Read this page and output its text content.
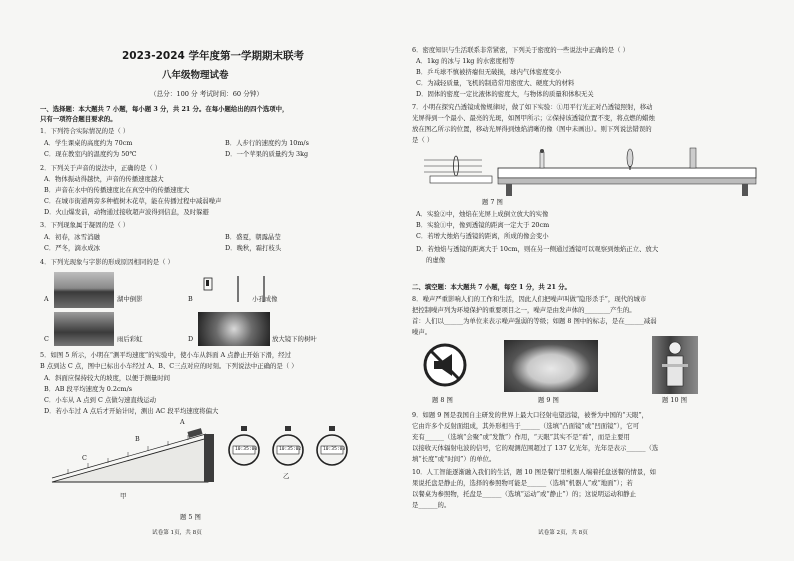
2023-2024 学年度第一学期期末联考
八年级物理试卷
（总分：100 分 考试时间：60 分钟）
一、选择题：本大题共 7 小题，每小题 3 分，共 21 分。在每小题给出的四个选项中，
只有一项符合题目要求的。
1．下列符合实际情况的是（ ）
A．学生课桌的高度约为 70cm	B．人步行的速度约为 10m/s
C．现在教室内的温度约为 50℃	D．一个苹果的质量约为 3kg
2．下列关于声音的说法中，正确的是（ ）
A．物体振动得越快，声音的传播速度越大
B．声音在水中的传播速度比在真空中的传播速度大
C．在城市街道两旁多种植树木花草，能在传播过程中减弱噪声
D．火山爆发前，动物通过接收超声波得到信息，及时躲避
3．下列现象属于凝固的是（ ）
A．初春，冰雪消融	B．盛夏，朝露晶莹
C．严冬，滴水成冰	D．晚秋，霜打枝头
4．下列光现象与字影的形成原因相同的是（ ）
A	湖中倒影	B	小孔成像
C	雨后彩虹	D	放大镜下的树叶
5．如图 5 所示，小明在“测平均速度”的实验中，使小车从斜面 A 点静止开始下滑，经过
B 点到达 C 点，图中已标出小车经过 A、B、C三点对应的时刻。下列说法中正确的是（ ）
A．斜面应保持较大的坡度，以便于测量时间
B．AB 段平均速度为 0.2cm/s
C．小车从 A 点到 C 点做匀速直线运动
D．若小车过 A 点后才开始计时，测出 AC 段平均速度将偏大
A
B
C
甲
10:35:00	10:35:02	10:35:03
乙
题 5 图
试卷第 1页，共 8页
6．密度知识与生活联系非常紧密，下列关于密度的一些说法中正确的是（ ）
A．1kg 的冰与 1kg 的水密度相等
B．乒乓球不慎被挤瘪但无破损，球内气体密度变小
C．为减轻质量，飞机的制造常用密度大、硬度大的材料
D．固体的密度一定比液体的密度大，与物体的质量和体积无关
7．小明在探究凸透镜成像规律时，做了如下实验：①用平行光正对凸透镜照射，移动
光屏得到一个最小、最亮的光斑，如图甲所示；②保持该透镜位置不变，将点燃的蜡烛
放在图乙所示的位置，移动光屏得到烛焰清晰的像（图中未画出）。则下列说法错误的
是（ ）
题 7 图
A．实验②中，烛焰在光屏上成倒立放大的实像
B．实验①中，像到透镜的距离一定大于 20cm
C．若增大烛焰与透镜的距离，所成的像会变小
D．若烛焰与透镜的距离大于 10cm，则在另一侧通过透镜可以观察到烛焰正立、放大
的虚像
二、填空题：本大题共 7 小题，每空 1 分，共 21 分。
8．噪声严重影响人们的工作和生活，因此人们把噪声叫做“隐形杀手”，现代的城市
把控制噪声列为环境保护的重要项目之一，噪声是由发声体的________产生的。
首：人们以______为单位来表示噪声强弱的等级；如题 8 图中的标志，是在______减弱
噪声。
题 8 图	题 9 图	题 10 图
9．如题 9 图是我国自主研发的世界上最大口径射电望远镜，被誉为中国的“天眼”，
它由许多个反射面组成，其外形相当于______（选填“凸面镜”或“凹面镜”），它可
充有______（选填“会聚”或“发散”）作用，“天眼”其实不是“看”，而是主要用
以接收天体辐射电波的信号，它的观测范围超过了 137 亿光年，光年是表示______（选
填“长度”或“时间”）的单位。
10．人工智能逐渐融入我们的生活，题 10 图是餐厅里机器人端着托盘送餐的情景，如
果说托盘是静止的，选择的参照物可能是______（选填“机器人”或“地面”）；若
以餐桌为参照物，托盘是______（选填“运动”或“静止”）的；这说明运动和静止
是______的。
试卷第 2页，共 8页
